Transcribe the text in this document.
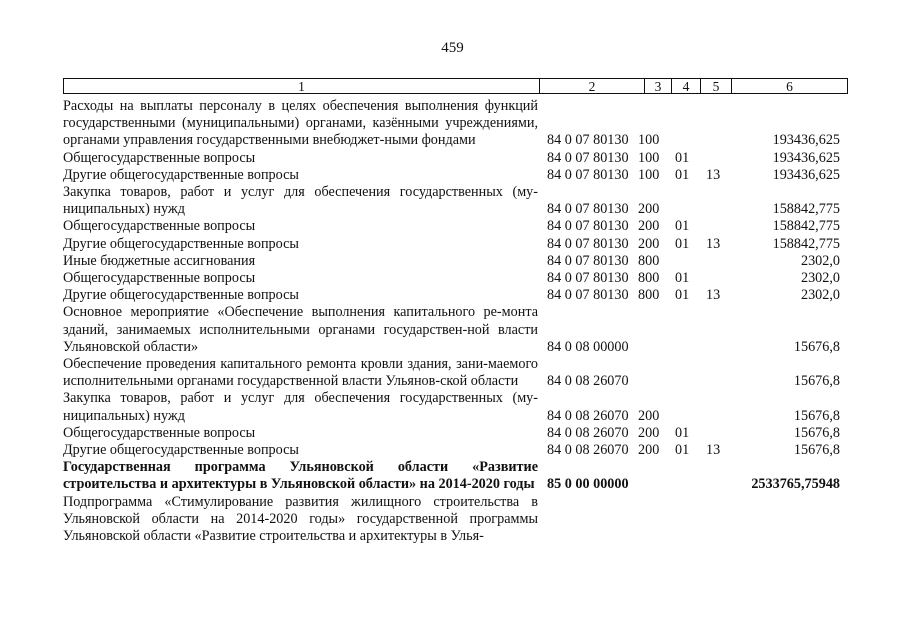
459
1	2	3	4	5	6
Расходы на выплаты персоналу в целях обеспечения выполнения функций государственными (муниципальными) органами, казёнными учреждениями, органами управления государственными внебюджет-ными фондами	84 0 07 80130 100	193436,625
Общегосударственные вопросы	84 0 07 80130 100 01	193436,625
Другие общегосударственные вопросы	84 0 07 80130 100 01 13	193436,625
Закупка товаров, работ и услуг для обеспечения государственных (му-ниципальных) нужд	84 0 07 80130 200	158842,775
Общегосударственные вопросы	84 0 07 80130 200 01	158842,775
Другие общегосударственные вопросы	84 0 07 80130 200 01 13	158842,775
Иные бюджетные ассигнования	84 0 07 80130 800	2302,0
Общегосударственные вопросы	84 0 07 80130 800 01	2302,0
Другие общегосударственные вопросы	84 0 07 80130 800 01 13	2302,0
Основное мероприятие «Обеспечение выполнения капитального ре-монта зданий, занимаемых исполнительными органами государствен-ной власти Ульяновской области»	84 0 08 00000	15676,8
Обеспечение проведения капитального ремонта кровли здания, зани-маемого исполнительными органами государственной власти Ульянов-ской области	84 0 08 26070	15676,8
Закупка товаров, работ и услуг для обеспечения государственных (му-ниципальных) нужд	84 0 08 26070 200	15676,8
Общегосударственные вопросы	84 0 08 26070 200 01	15676,8
Другие общегосударственные вопросы	84 0 08 26070 200 01 13	15676,8
Государственная программа Ульяновской области «Развитие строительства и архитектуры в Ульяновской области» на 2014-2020 годы 85 0 00 00000	2533765,75948
Подпрограмма «Стимулирование развития жилищного строительства в Ульяновской области на 2014-2020 годы» государственной программы Ульяновской области «Развитие строительства и архитектуры в Улья-
